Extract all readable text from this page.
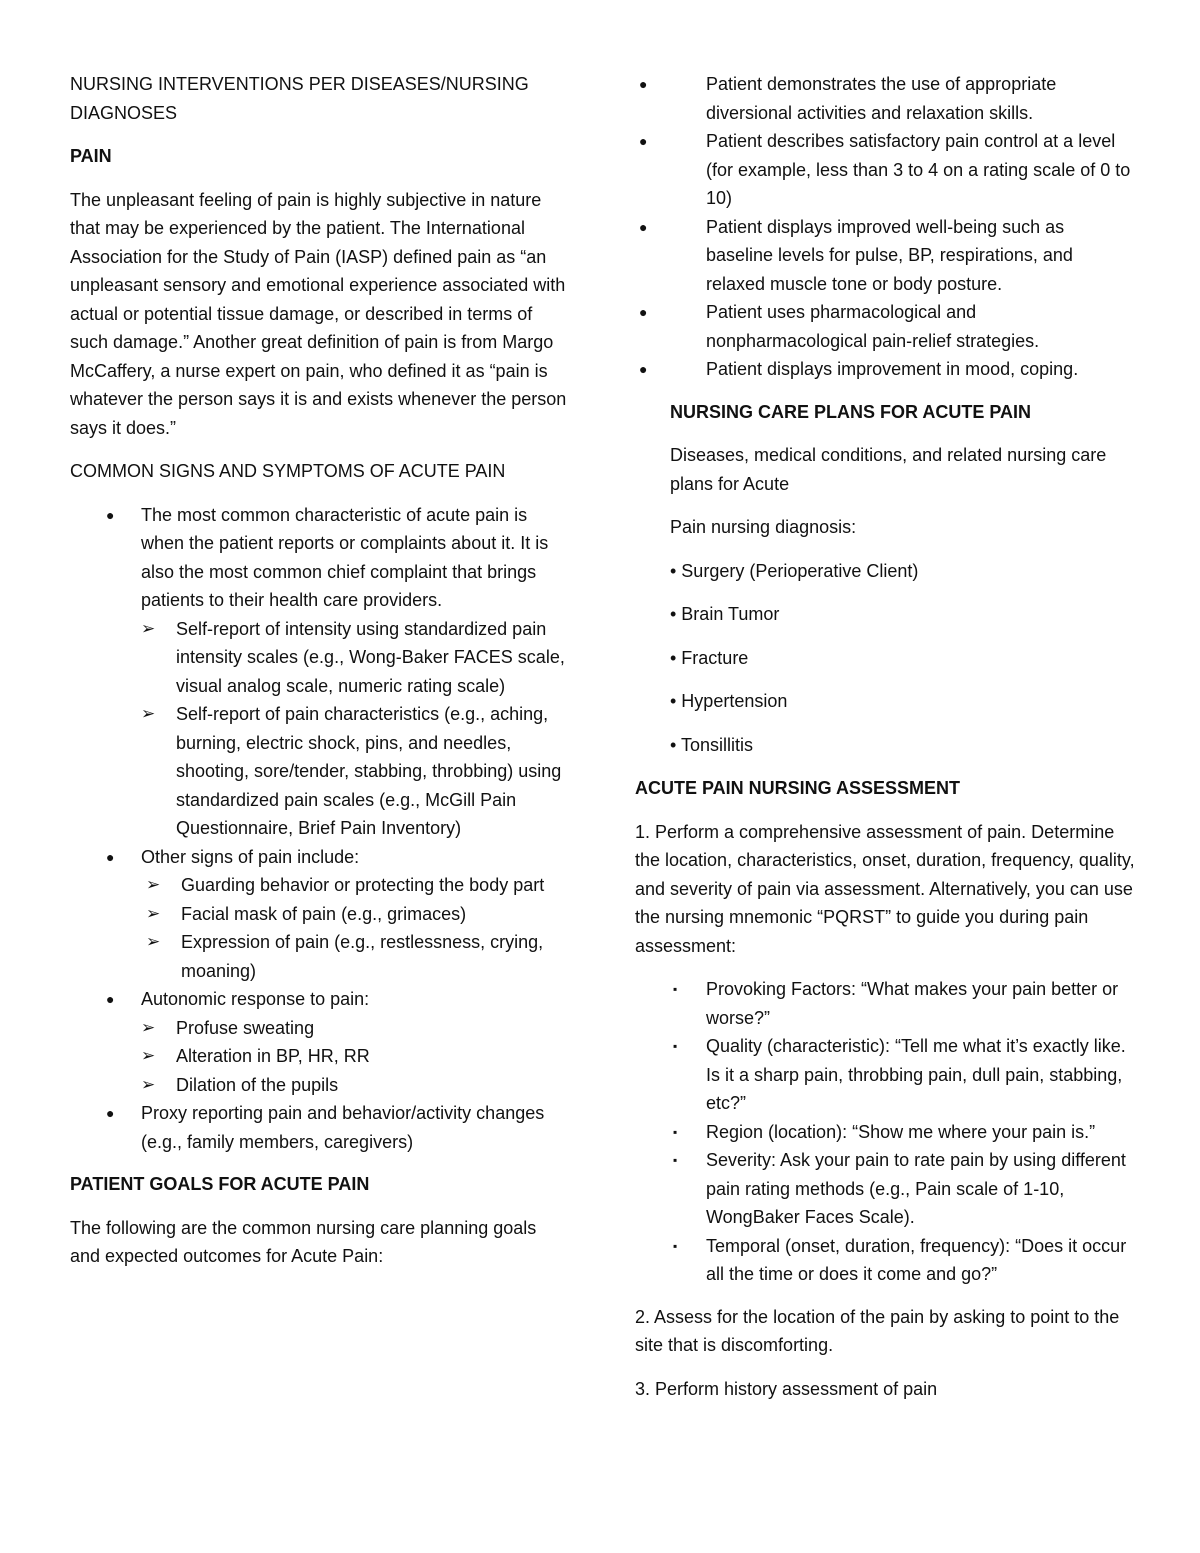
NURSING INTERVENTIONS PER DISEASES/NURSING DIAGNOSES

PAIN

The unpleasant feeling of pain is highly subjective in nature that may be experienced by the patient. The International Association for the Study of Pain (IASP) defined pain as “an unpleasant sensory and emotional experience associated with actual or potential tissue damage, or described in terms of such damage.” Another great definition of pain is from Margo McCaffery, a nurse expert on pain, who defined it as “pain is whatever the person says it is and exists whenever the person says it does.”

COMMON SIGNS AND SYMPTOMS OF ACUTE PAIN

● The most common characteristic of acute pain is when the patient reports or complaints about it. It is also the most common chief complaint that brings patients to their health care providers.
➢ Self-report of intensity using standardized pain intensity scales (e.g., Wong-Baker FACES scale, visual analog scale, numeric rating scale)
➢ Self-report of pain characteristics (e.g., aching, burning, electric shock, pins, and needles, shooting, sore/tender, stabbing, throbbing) using standardized pain scales (e.g., McGill Pain Questionnaire, Brief Pain Inventory)
● Other signs of pain include:
➢ Guarding behavior or protecting the body part
➢ Facial mask of pain (e.g., grimaces)
➢ Expression of pain (e.g., restlessness, crying, moaning)
● Autonomic response to pain:
➢ Profuse sweating
➢ Alteration in BP, HR, RR
➢ Dilation of the pupils
● Proxy reporting pain and behavior/activity changes (e.g., family members, caregivers)

PATIENT GOALS FOR ACUTE PAIN

The following are the common nursing care planning goals and expected outcomes for Acute Pain:

●	Patient demonstrates the use of appropriate diversional activities and relaxation skills.
●	Patient describes satisfactory pain control at a level (for example, less than 3 to 4 on a rating scale of 0 to 10)
●	Patient displays improved well-being such as baseline levels for pulse, BP, respirations, and relaxed muscle tone or body posture.
●	Patient uses pharmacological and nonpharmacological pain-relief strategies.
●	Patient displays improvement in mood, coping.

NURSING CARE PLANS FOR ACUTE PAIN

Diseases, medical conditions, and related nursing care plans for Acute

Pain nursing diagnosis:

• Surgery (Perioperative Client)

• Brain Tumor

• Fracture

• Hypertension

• Tonsillitis

ACUTE PAIN NURSING ASSESSMENT

1. Perform a comprehensive assessment of pain. Determine the location, characteristics, onset, duration, frequency, quality, and severity of pain via assessment. Alternatively, you can use the nursing mnemonic “PQRST” to guide you during pain assessment:

▪ Provoking Factors: “What makes your pain better or worse?”
▪ Quality (characteristic): “Tell me what it’s exactly like. Is it a sharp pain, throbbing pain, dull pain, stabbing, etc?”
▪ Region (location): “Show me where your pain is.”
▪ Severity: Ask your pain to rate pain by using different pain rating methods (e.g., Pain scale of 1-10, WongBaker Faces Scale).
▪ Temporal (onset, duration, frequency): “Does it occur all the time or does it come and go?”

2. Assess for the location of the pain by asking to point to the site that is discomforting.

3. Perform history assessment of pain
